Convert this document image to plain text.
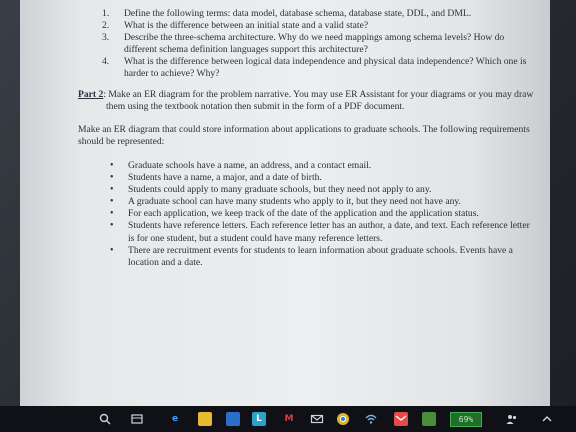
1. Define the following terms: data model, database schema, database state, DDL, and DML.
2. What is the difference between an initial state and a valid state?
3. Describe the three-schema architecture. Why do we need mappings among schema levels? How do different schema definition languages support this architecture?
4. What is the difference between logical data independence and physical data independence? Which one is harder to achieve? Why?
Part 2: Make an ER diagram for the problem narrative. You may use ER Assistant for your diagrams or you may draw them using the textbook notation then submit in the form of a PDF document.
Make an ER diagram that could store information about applications to graduate schools. The following requirements should be represented:
• Graduate schools have a name, an address, and a contact email.
• Students have a name, a major, and a date of birth.
• Students could apply to many graduate schools, but they need not apply to any.
• A graduate school can have many students who apply to it, but they need not have any.
• For each application, we keep track of the date of the application and the application status.
• Students have reference letters. Each reference letter has an author, a date, and text. Each reference letter is for one student, but a student could have many reference letters.
• There are recruitment events for students to learn information about graduate schools. Events have a location and a date.
e	L	M	69%
